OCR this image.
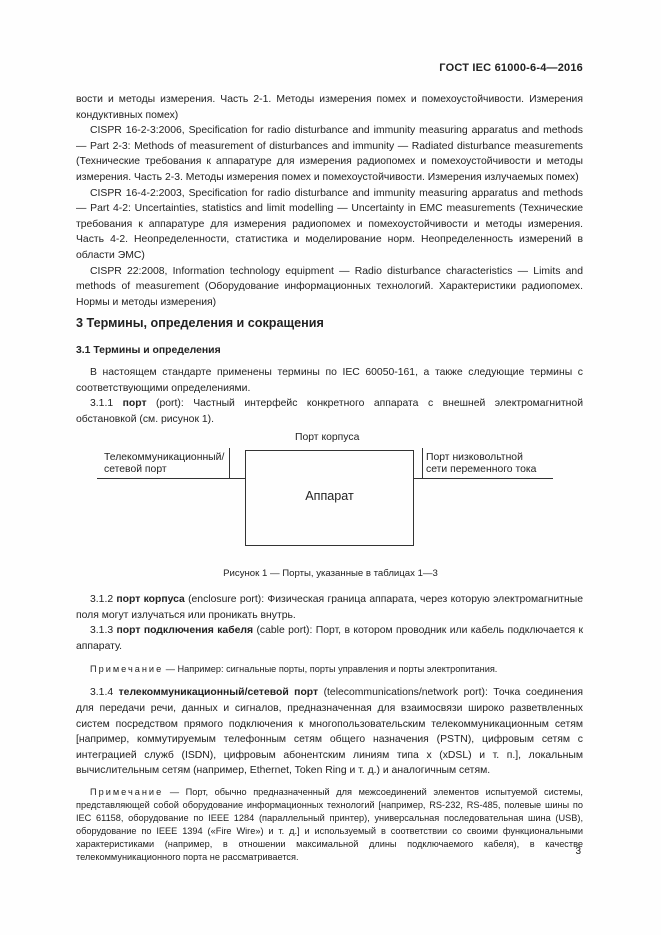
ГОСТ IEC 61000-6-4—2016

вости и методы измерения. Часть 2-1. Методы измерения помех и помехоустойчивости. Измерения кондуктивных помех)

CISPR 16-2-3:2006, Specification for radio disturbance and immunity measuring apparatus and methods — Part 2-3: Methods of measurement of disturbances and immunity — Radiated disturbance measurements (Технические требования к аппаратуре для измерения радиопомех и помехоустойчивости и методы измерения. Часть 2-3. Методы измерения помех и помехоустойчивости. Измерения излучаемых помех)

CISPR 16-4-2:2003, Specification for radio disturbance and immunity measuring apparatus and methods — Part 4-2: Uncertainties, statistics and limit modelling — Uncertainty in EMC measurements (Технические требования к аппаратуре для измерения радиопомех и помехоустойчивости и методы измерения. Часть 4-2. Неопределенности, статистика и моделирование норм. Неопределенность измерений в области ЭМС)

CISPR 22:2008, Information technology equipment — Radio disturbance characteristics — Limits and methods of measurement (Оборудование информационных технологий. Характеристики радиопомех. Нормы и методы измерения)

3 Термины, определения и сокращения
3.1 Термины и определения

В настоящем стандарте применены термины по IEC 60050-161, а также следующие термины с соответствующими определениями.

3.1.1 порт (port): Частный интерфейс конкретного аппарата с внешней электромагнитной обстановкой (см. рисунок 1).

Порт корпуса
Телекоммуникационный/
сетевой порт
Порт низковольтной
сети переменного тока
Аппарат
Рисунок 1 — Порты, указанные в таблицах 1—3

3.1.2 порт корпуса (enclosure port): Физическая граница аппарата, через которую электромагнитные поля могут излучаться или проникать внутрь.

3.1.3 порт подключения кабеля (cable port): Порт, в котором проводник или кабель подключается к аппарату.

Примечание — Например: сигнальные порты, порты управления и порты электропитания.

3.1.4 телекоммуникационный/сетевой порт (telecommunications/network port): Точка соединения для передачи речи, данных и сигналов, предназначенная для взаимосвязи широко разветвленных систем посредством прямого подключения к многопользовательским телекоммуникационным сетям [например, коммутируемым телефонным сетям общего назначения (PSTN), цифровым сетям с интеграцией служб (ISDN), цифровым абонентским линиям типа x (xDSL) и т. п.], локальным вычислительным сетям (например, Ethernet, Token Ring и т. д.) и аналогичным сетям.

Примечание — Порт, обычно предназначенный для межсоединений элементов испытуемой системы, представляющей собой оборудование информационных технологий [например, RS-232, RS-485, полевые шины по IEC 61158, оборудование по IEEE 1284 (параллельный принтер), универсальная последовательная шина (USB), оборудование по IEEE 1394 («Fire Wire») и т. д.] и используемый в соответствии со своими функциональными характеристиками (например, в отношении максимальной длины подключаемого кабеля), в качестве телекоммуникационного порта не рассматривается.	3
